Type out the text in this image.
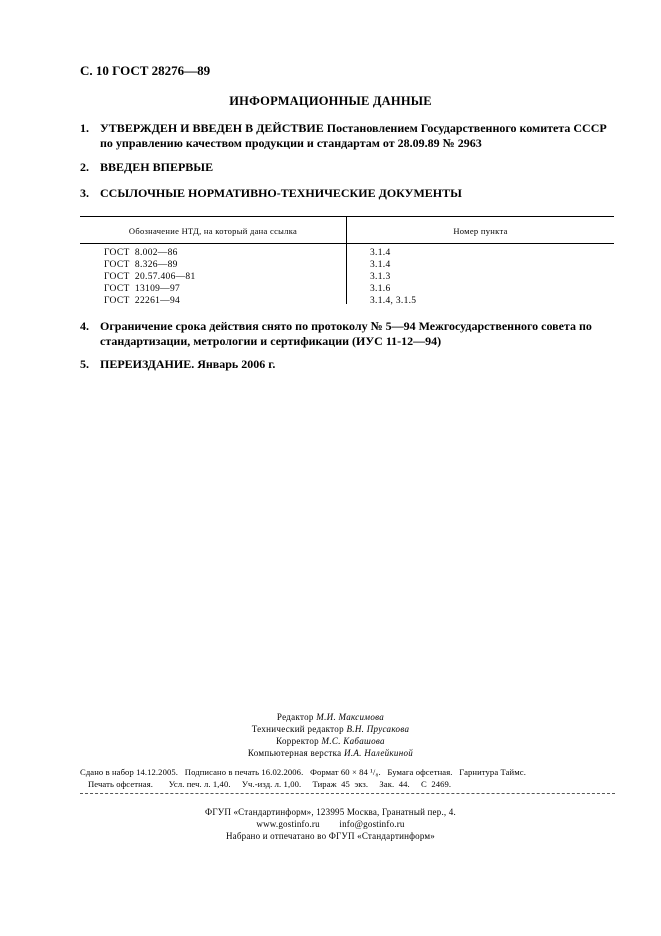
С. 10 ГОСТ 28276—89
ИНФОРМАЦИОННЫЕ ДАННЫЕ
1. УТВЕРЖДЕН И ВВЕДЕН В ДЕЙСТВИЕ Постановлением Государственного комитета СССР по управлению качеством продукции и стандартам от 28.09.89 № 2963
2. ВВЕДЕН ВПЕРВЫЕ
3. ССЫЛОЧНЫЕ НОРМАТИВНО-ТЕХНИЧЕСКИЕ ДОКУМЕНТЫ
Обозначение НТД, на который дана ссылка	Номер пункта
ГОСТ  8.002—86	3.1.4
ГОСТ  8.326—89	3.1.4
ГОСТ  20.57.406—81	3.1.3
ГОСТ  13109—97	3.1.6
ГОСТ  22261—94	3.1.4, 3.1.5
4. Ограничение срока действия снято по протоколу № 5—94 Межгосударственного совета по стандартизации, метрологии и сертификации (ИУС 11-12—94)
5. ПЕРЕИЗДАНИЕ. Январь 2006 г.
Редактор М.И. Максимова
Технический редактор В.Н. Прусакова
Корректор М.С. Кабашова
Компьютерная верстка И.А. Налейкиной
Сдано в набор 14.12.2005.   Подписано в печать 16.02.2006.   Формат 60 × 84 ¹/₈.   Бумага офсетная.   Гарнитура Таймс.
Печать офсетная.       Усл. печ. л. 1,40.     Уч.-изд. л. 1,00.     Тираж  45  экз.     Зак.  44.     С  2469.
ФГУП «Стандартинформ», 123995 Москва, Гранатный пер., 4.
www.gostinfo.ru        info@gostinfo.ru
Набрано и отпечатано во ФГУП «Стандартинформ»
